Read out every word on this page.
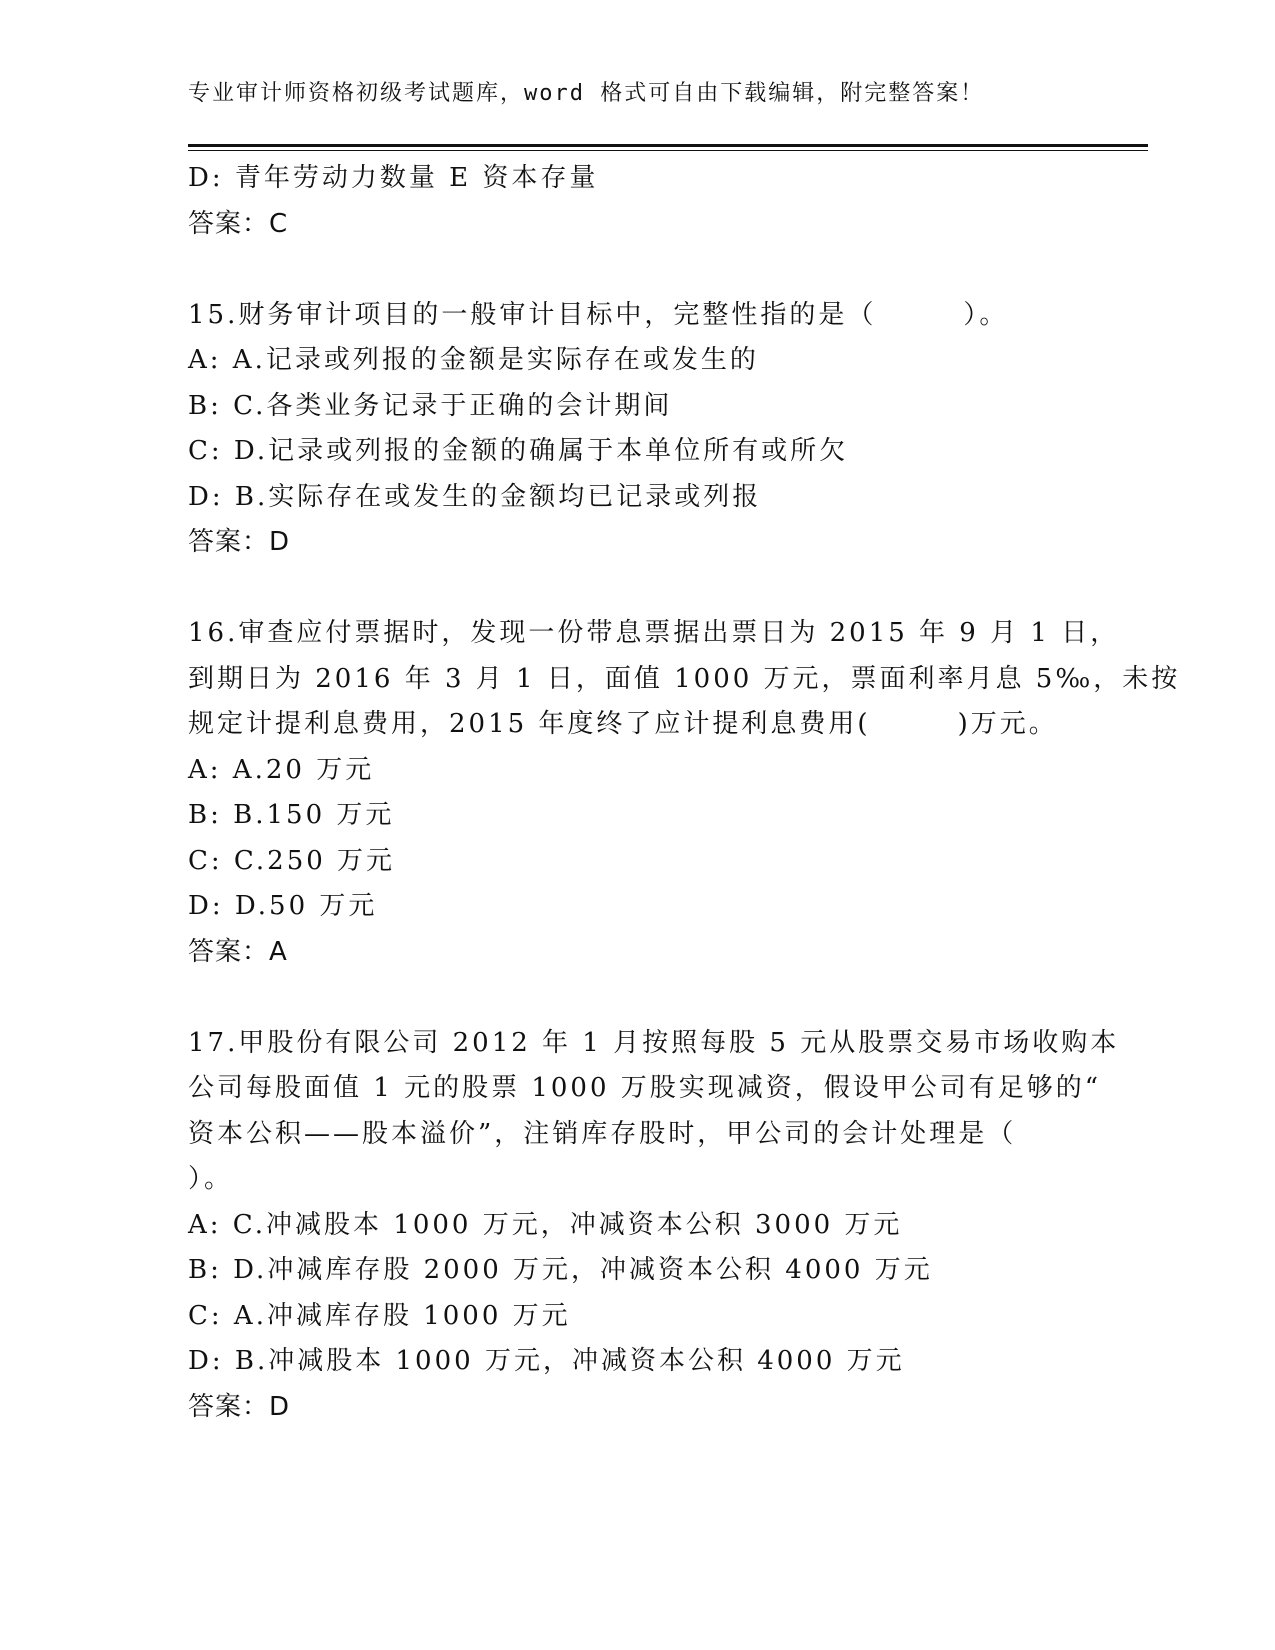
专业审计师资格初级考试题库，word 格式可自由下载编辑，附完整答案！
D: 青年劳动力数量 E 资本存量
答案：C
15.财务审计项目的一般审计目标中，完整性指的是（　　　）。
A: A.记录或列报的金额是实际存在或发生的
B: C.各类业务记录于正确的会计期间
C: D.记录或列报的金额的确属于本单位所有或所欠
D: B.实际存在或发生的金额均已记录或列报
答案：D
16.审查应付票据时，发现一份带息票据出票日为 2015 年 9 月 1 日，
到期日为 2016 年 3 月 1 日，面值 1000 万元，票面利率月息 5‰，未按
规定计提利息费用，2015 年度终了应计提利息费用(　　　)万元。
A: A.20 万元
B: B.150 万元
C: C.250 万元
D: D.50 万元
答案：A
17.甲股份有限公司 2012 年 1 月按照每股 5 元从股票交易市场收购本
公司每股面值 1 元的股票 1000 万股实现减资，假设甲公司有足够的“
资本公积——股本溢价”，注销库存股时，甲公司的会计处理是（
）。
A: C.冲减股本 1000 万元，冲减资本公积 3000 万元
B: D.冲减库存股 2000 万元，冲减资本公积 4000 万元
C: A.冲减库存股 1000 万元
D: B.冲减股本 1000 万元，冲减资本公积 4000 万元
答案：D
